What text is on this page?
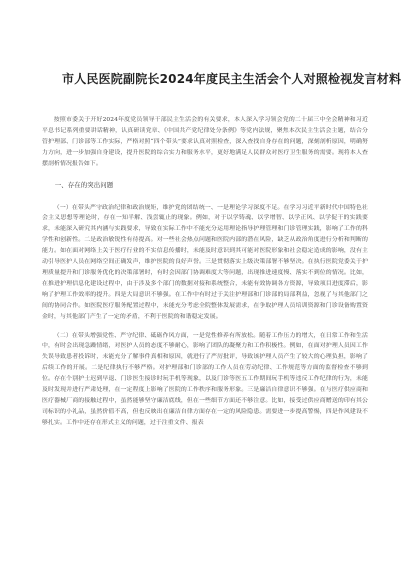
市人民医院副院长2024年度民主生活会个人对照检视发言材料

按照市委关于开好2024年度党员领导干部民主生活会的有关要求，本人深入学习领会党的二十届三中全会精神和习近平总书记系列重要讲话精神，认真研读党章、《中国共产党纪律处分条例》等党内法规，聚焦本次民主生活会主题，结合分管护理部、门诊部等工作实际，严格对照“四个带头”要求认真对照检查，深入查找自身存在的问题，深刻剖析原因，明确努力方向，进一步加强自身建设，提升医院的综合实力和服务水平，更好地满足人民群众对医疗卫生服务的需要。现将本人查摆剖析情况报告如下。

一、存在的突出问题

（一）在带头严守政治纪律和政治规矩，维护党的团结统一、一是理论学习深度不足。在学习习近平新时代中国特色社会主义思想等理论时，存在一知半解、浅尝辄止的现象。例如，对于以学铸魂、以学增智、以学正风、以学促干的实践要求，未能深入研究其内涵与实践要求，导致在实际工作中不能充分运用理论指导护理管理和门诊管理实践，影响了工作的科学性和创新性。二是政治敏锐性有待提高。对一些社会热点问题和医院内部的潜在风险，缺乏从政治角度进行分析和判断的能力。如在面对网络上关于医疗行业的不实信息传播时，未能及时意识到其可能对医院形象和社会稳定造成的影响，没有主动引导医护人员在网络空间正确发声，维护医院的良好声誉。三是贯彻落实上级决策部署不够坚决。在执行医院党委关于护理质量提升和门诊服务优化的决策部署时，有时会因部门协调难度大等问题，出现推进速度慢、落实不到位的情况。比如，在推进护理信息化建设过程中，由于涉及多个部门的数据对接和系统整合，未能有效协调各方资源，导致项目进度滞后，影响了护理工作效率的提升。四是大局意识不够强。在工作中有时过于关注护理部和门诊部的局部利益，忽视了与其他部门之间的协同合作。如医院医疗服务配置过程中，未能充分考虑全院整体发展需求，在争取护理人员培训资源和门诊设备购置资金时，与其他部门产生了一定的矛盾，不利于医院的和谐稳定发展。

（二）在带头增强党性、严守纪律、砥砺作风方面，一是党性修养有所放松。随着工作压力的增大，在日常工作和生活中，有时会出现急躁情绪，对医护人员的态度不够耐心，影响了团队的凝聚力和工作积极性。例如，在面对护理人员因工作失误导致患者投诉时，未能充分了解事件真相和原因，就进行了严厉批评，导致该护理人员产生了较大的心理负担，影响了后续工作的开展。二是纪律执行不够严格。对护理部和门诊部的工作人员在劳动纪律、工作规范等方面的监督检查不够到位。存在个别护士迟到早退、门诊医生接诊时玩手机等现象，以及门诊等医五工作期间玩手机等违反工作纪律的行为，未能及时发现并进行严肃处理，在一定程度上影响了医院的工作秩序和服务形象。三是廉洁自律意识不够强。在与医疗供应商和医疗器械厂商的接触过程中，虽然能够坚守廉洁底线，但在一些细节方面还不够注意。比如，接受过供应商赠送的印有其公司标识的小礼品，虽然价值不高，但也反映出在廉洁自律方面存在一定的风险隐患。需要进一步提高警惕，四是作风建设不够扎实。工作中还存在形式主义的问题，过于注重文件、报表
